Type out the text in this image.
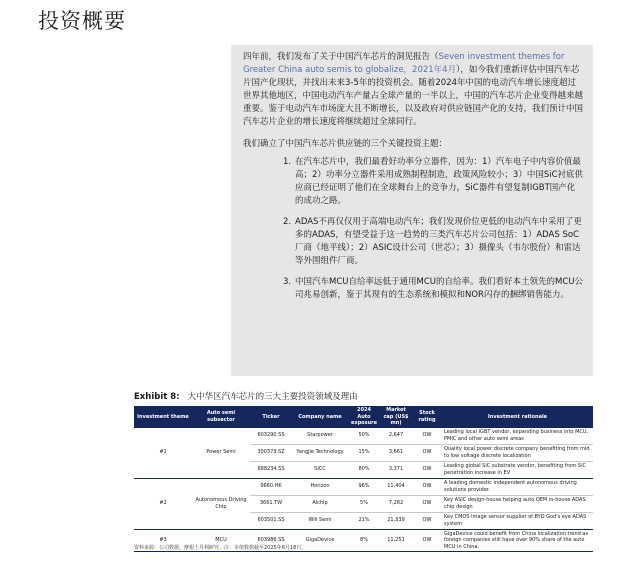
投资概要

四年前，我们发布了关于中国汽车芯片的洞见报告（Seven investment themes for Greater China auto semis to globalize，2021年4月），如今我们重新评估中国汽车芯片国产化现状，并找出未来3-5年的投资机会。随着2024年中国的电动汽车增长速度超过世界其他地区，中国电动汽车产量占全球产量的一半以上，中国的汽车芯片企业变得越来越重要。鉴于电动汽车市场庞大且不断增长，以及政府对供应链国产化的支持，我们预计中国汽车芯片企业的增长速度将继续超过全球同行。

我们确立了中国汽车芯片供应链的三个关键投资主题：

1. 在汽车芯片中，我们最看好功率分立器件，因为：1）汽车电子中内容价值最高；2）功率分立器件采用成熟制程制造，政策风险较小；3）中国SiC衬底供应商已经证明了他们在全球舞台上的竞争力，SiC器件有望复制IGBT国产化的成功之路。
2. ADAS不再仅仅用于高端电动汽车；我们发现价位更低的电动汽车中采用了更多的ADAS，有望受益于这一趋势的三类汽车芯片公司包括：1）ADAS SoC厂商（地平线）；2）ASIC设计公司（世芯）；3）摄像头（韦尔股份）和雷达等外围组件厂商。
3. 中国汽车MCU自给率远低于通用MCU的自给率。我们看好本土领先的MCU公司兆易创新，鉴于其现有的生态系统和模拟和NOR闪存的捆绑销售能力。
Exhibit 8: 大中华区汽车芯片的三大主要投资领域及理由
Investment theme	Auto semi subsector	Ticker	Company name	2024 Auto exposure	Market cap (US$ mn)	Stock rating	Investment rationale
#1	Power Semi	603290.SS	Starpower	50%	2,647	OW	Leading local IGBT vendor, expanding business into MCU, PMIC and other auto semi areas
		300373.SZ	Yangjie Technology	15%	3,661	OW	Quality local power discrete company benefiting from mid to low voltage discrete localization
		688234.SS	SICC	80%	3,371	OW	Leading global SiC substrate vendor, benefiting from SiC penetration increase in EV
#2	Autonomous Driving Chip	9660.HK	Horizon	96%	11,404	OW	A leading domestic independent autonomous driving solutions provider.
		3661.TW	Alchip	5%	7,282	OW	Key ASIC design-house helping auto OEM in-house ADAS chip design
		603501.SS	Will Semi	21%	21,339	OW	Key CMOS image sensor supplier of BYD God's eye ADAS system
#3	MCU	603986.SS	GigaDevice	8%	11,251	OW	GigaDevice could benefit from China localization trend as foreign companies still have over 90% share of the auto MCU in China.
资料来源：公司数据，摩根士丹利研究。注：市值数据截至2025年6月18日。
